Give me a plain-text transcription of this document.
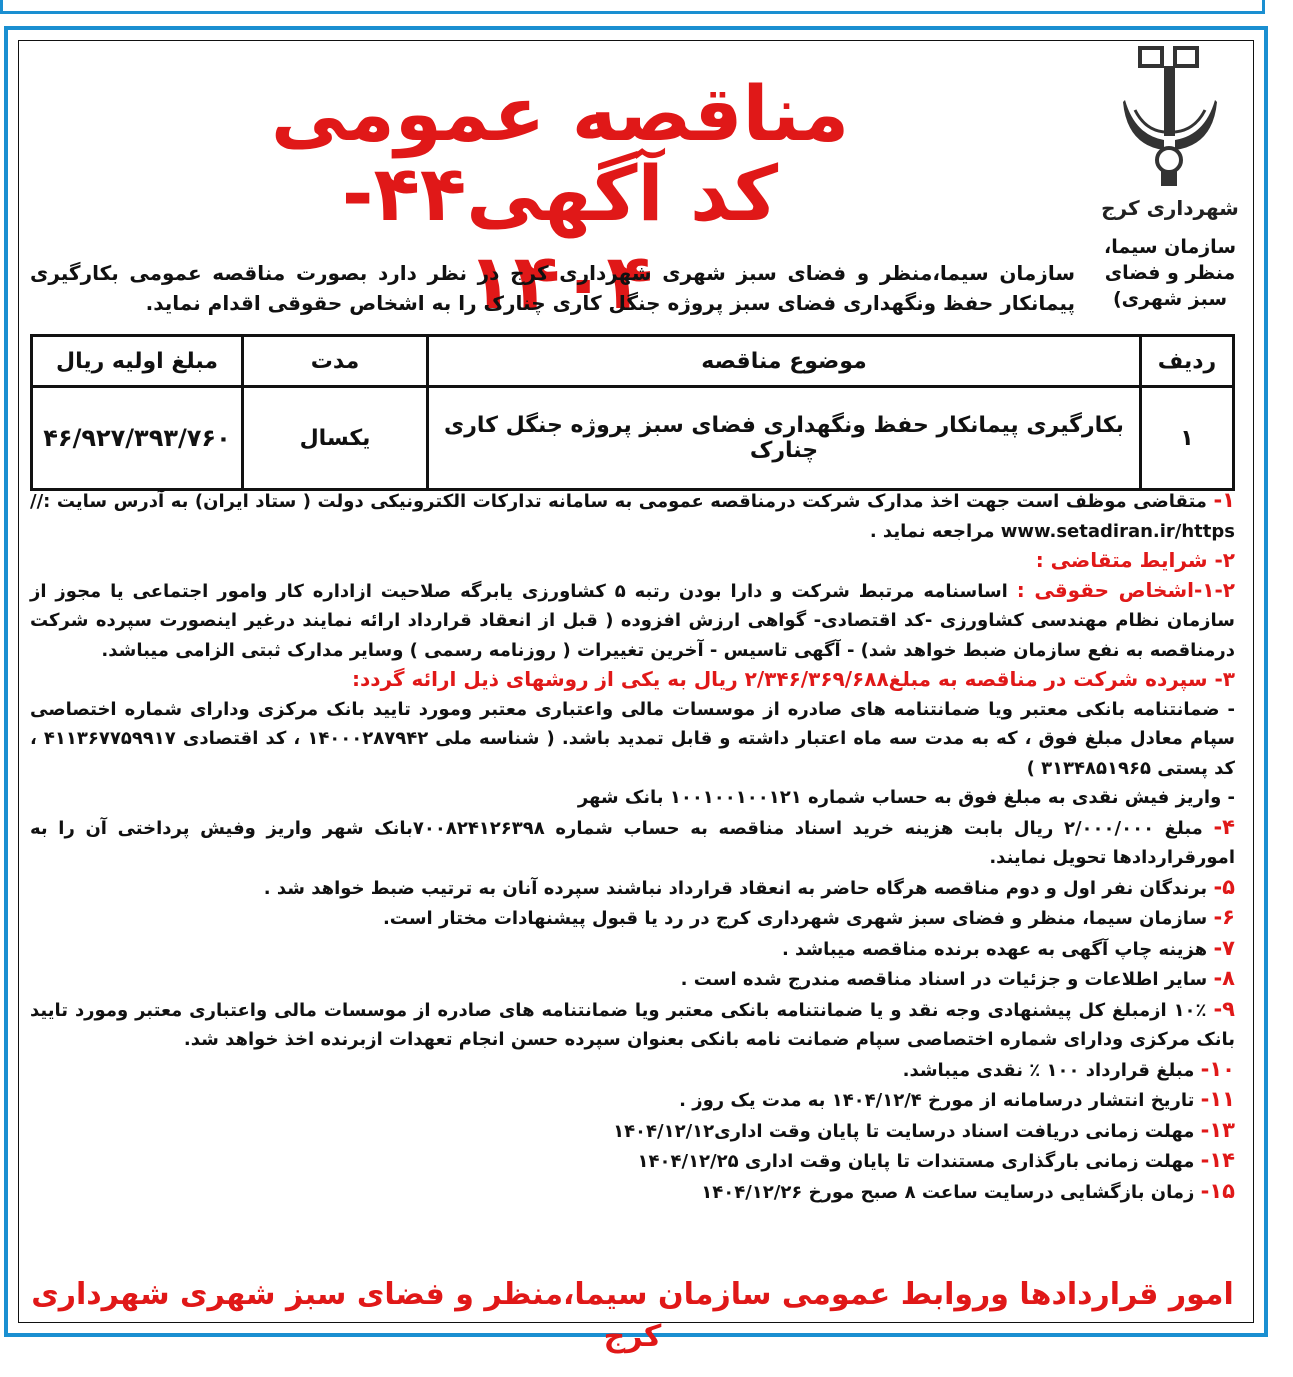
شهرداری کرج
سازمان سیما، منظر و فضای سبز شهری)
مناقصه عمومی
کد آگهی۴۴- ۱۴۰۴
سازمان سیما،منظر و فضای سبز شهری شهرداری کرج در نظر دارد بصورت مناقصه عمومی بکارگیری پیمانکار حفظ ونگهداری فضای سبز پروژه جنگل کاری چنارک را به اشخاص حقوقی اقدام نماید.
ردیف	موضوع مناقصه	مدت	مبلغ اولیه ریال
۱	بکارگیری پیمانکار حفظ ونگهداری فضای سبز پروژه جنگل کاری چنارک	یکسال	۴۶/۹۲۷/۳۹۳/۷۶۰

۱- متقاضی موظف است جهت اخذ مدارک شرکت درمناقصه عمومی به سامانه تدارکات الکترونیکی دولت ( ستاد ایران) به آدرس سایت :// www.setadiran.ir/https مراجعه نماید .

۲- شرایط متقاضی :

۱-۲-اشخاص حقوقی : اساسنامه مرتبط شرکت و دارا بودن رتبه ۵ کشاورزی یابرگه صلاحیت ازاداره کار وامور اجتماعی یا مجوز از سازمان نظام مهندسی کشاورزی -کد اقتصادی- گواهی ارزش افزوده ( قبل از انعقاد قرارداد ارائه نمایند درغیر اینصورت سپرده شرکت درمناقصه به نفع سازمان ضبط خواهد شد) - آگهی تاسیس - آخرین تغییرات ( روزنامه رسمی ) وسایر مدارک ثبتی الزامی میباشد.

۳- سپرده شرکت در مناقصه به مبلغ۲/۳۴۶/۳۶۹/۶۸۸ ریال به یکی از روشهای ذیل ارائه گردد:

- ضمانتنامه بانکی معتبر ویا ضمانتنامه های صادره از موسسات مالی واعتباری معتبر ومورد تایید بانک مرکزی ودارای شماره اختصاصی سپام معادل مبلغ فوق ، که به مدت سه ماه اعتبار داشته و قابل تمدید باشد. ( شناسه ملی ۱۴۰۰۰۲۸۷۹۴۲ ، کد اقتصادی ۴۱۱۳۶۷۷۵۹۹۱۷ ، کد پستی ۳۱۳۴۸۵۱۹۶۵ )

- واریز فیش نقدی به مبلغ فوق به حساب شماره ۱۰۰۱۰۰۱۰۰۱۲۱ بانک شهر

۴- مبلغ ۲/۰۰۰/۰۰۰ ریال بابت هزینه خرید اسناد مناقصه به حساب شماره ۷۰۰۸۲۴۱۲۶۳۹۸بانک شهر واریز وفیش پرداختی آن را به امورقراردادها تحویل نمایند.

۵- برندگان نفر اول و دوم مناقصه هرگاه حاضر به انعقاد قرارداد نباشند سپرده آنان به ترتیب ضبط خواهد شد .

۶- سازمان سیما، منظر و فضای سبز شهری شهرداری کرج در رد یا قبول پیشنهادات مختار است.

۷- هزینه چاپ آگهی به عهده برنده مناقصه میباشد .

۸- سایر اطلاعات و جزئیات در اسناد مناقصه مندرج شده است .

۹- ۱۰٪ ازمبلغ کل پیشنهادی وجه نقد و یا ضمانتنامه بانکی معتبر ویا ضمانتنامه های صادره از موسسات مالی واعتباری معتبر ومورد تایید بانک مرکزی ودارای شماره اختصاصی سپام ضمانت نامه بانکی بعنوان سپرده حسن انجام تعهدات ازبرنده اخذ خواهد شد.

۱۰- مبلغ قرارداد ۱۰۰ ٪ نقدی میباشد.

۱۱- تاریخ انتشار درسامانه از مورخ ۱۴۰۴/۱۲/۴ به مدت یک روز .

۱۳- مهلت زمانی دریافت اسناد درسایت تا پایان وقت اداری۱۴۰۴/۱۲/۱۲

۱۴- مهلت زمانی بارگذاری مستندات تا پایان وقت اداری ۱۴۰۴/۱۲/۲۵

۱۵- زمان بازگشایی درسایت ساعت ۸ صبح مورخ ۱۴۰۴/۱۲/۲۶

امور قراردادها وروابط عمومی سازمان سیما،منظر و فضای سبز شهری شهرداری کرج
